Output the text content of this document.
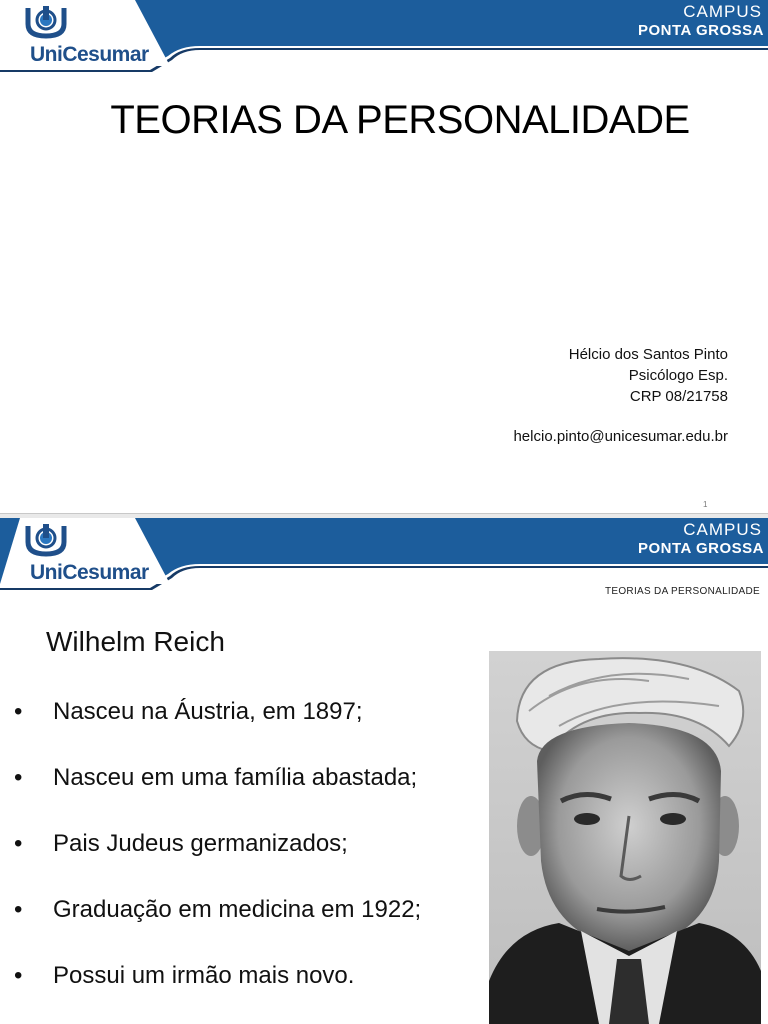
UniCesumar
CAMPUS
PONTA GROSSA
TEORIAS DA PERSONALIDADE
Hélcio dos Santos Pinto
Psicólogo Esp.
CRP 08/21758
helcio.pinto@unicesumar.edu.br
1
UniCesumar
CAMPUS
PONTA GROSSA
TEORIAS DA PERSONALIDADE
Wilhelm Reich
• Nasceu na Áustria, em 1897;
• Nasceu em uma família abastada;
• Pais Judeus germanizados;
• Graduação em medicina em 1922;
• Possui um irmão mais novo.
